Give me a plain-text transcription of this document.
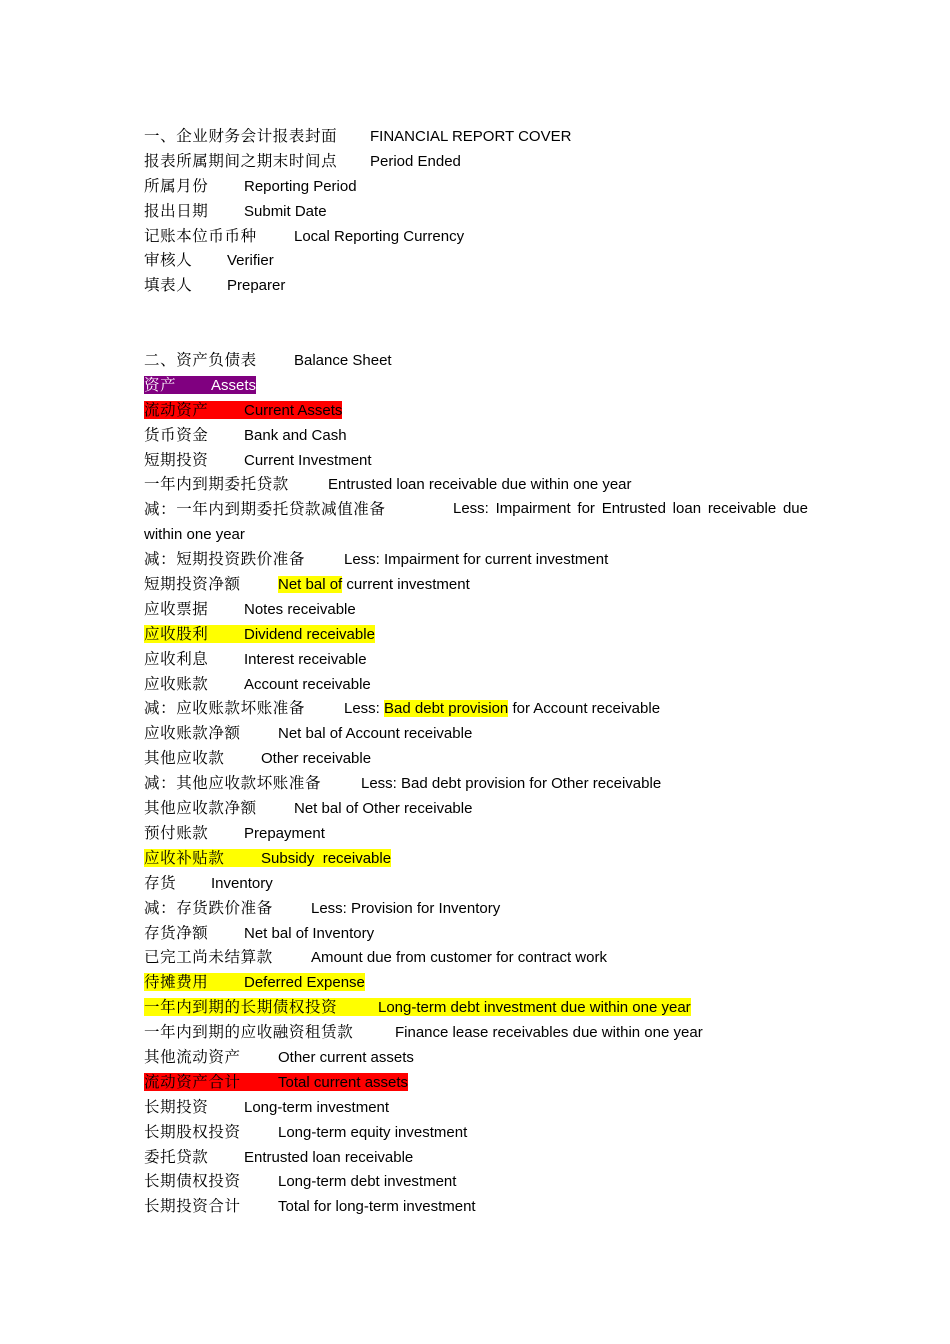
一、企业财务会计报表封面 FINANCIAL REPORT COVER
报表所属期间之期末时间点 Period Ended
所属月份 Reporting Period
报出日期 Submit Date
记账本位币币种 Local Reporting Currency
审核人 Verifier
填表人 Preparer
二、资产负债表 Balance Sheet
资产 Assets
流动资产 Current Assets
货币资金 Bank and Cash
短期投资 Current Investment
一年内到期委托贷款	Entrusted loan receivable due within one year
减：一年内到期委托贷款减值准备	Less: Impairment for Entrusted loan receivable due
within one year
减：短期投资跌价准备	Less: Impairment for current investment
短期投资净额 Net bal of current investment
应收票据 Notes receivable
应收股利 Dividend receivable
应收利息 Interest receivable
应收账款 Account receivable
减：应收账款坏账准备	Less: Bad debt provision for Account receivable
应收账款净额 Net bal of Account receivable
其他应收款 Other receivable
减：其他应收款坏账准备	Less: Bad debt provision for Other receivable
其他应收款净额 Net bal of Other receivable
预付账款 Prepayment
应收补贴款 Subsidy  receivable
存货 Inventory
减：存货跌价准备	Less: Provision for Inventory
存货净额 Net bal of Inventory
已完工尚未结算款	Amount due from customer for contract work
待摊费用 Deferred Expense
一年内到期的长期债权投资	Long-term debt investment due within one year
一年内到期的应收融资租赁款	Finance lease receivables due within one year
其他流动资产 Other current assets
流动资产合计 Total current assets
长期投资 Long-term investment
长期股权投资 Long-term equity investment
委托贷款 Entrusted loan receivable
长期债权投资 Long-term debt investment
长期投资合计 Total for long-term investment
